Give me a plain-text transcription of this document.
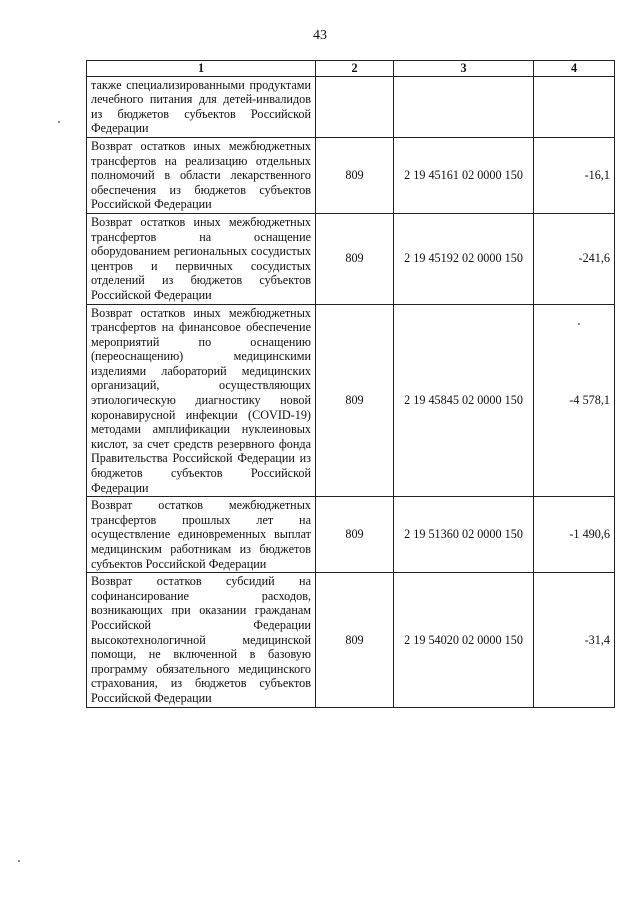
43
1	2	3	4
также специализированными продуктами лечебного питания для детей-инвалидов из бюджетов субъектов Российской Федерации			
Возврат остатков иных межбюджетных трансфертов на реализацию отдельных полномочий в области лекарственного обеспечения из бюджетов субъектов Российской Федерации	809	2 19 45161 02 0000 150	-16,1
Возврат остатков иных межбюджетных трансфертов на оснащение оборудованием региональных сосудистых центров и первичных сосудистых отделений из бюджетов субъектов Российской Федерации	809	2 19 45192 02 0000 150	-241,6
Возврат остатков иных межбюджетных трансфертов на финансовое обеспечение мероприятий по оснащению (переоснащению) медицинскими изделиями лабораторий медицинских организаций, осуществляющих этиологическую диагностику новой коронавирусной инфекции (COVID-19) методами амплификации нуклеиновых кислот, за счет средств резервного фонда Правительства Российской Федерации из бюджетов субъектов Российской Федерации	809	2 19 45845 02 0000 150	-4 578,1
Возврат остатков межбюджетных трансфертов прошлых лет на осуществление единовременных выплат медицинским работникам из бюджетов субъектов Российской Федерации	809	2 19 51360 02 0000 150	-1 490,6
Возврат остатков субсидий на софинансирование расходов, возникающих при оказании гражданам Российской Федерации высокотехнологичной медицинской помощи, не включенной в базовую программу обязательного медицинского страхования, из бюджетов субъектов Российской Федерации	809	2 19 54020 02 0000 150	-31,4
